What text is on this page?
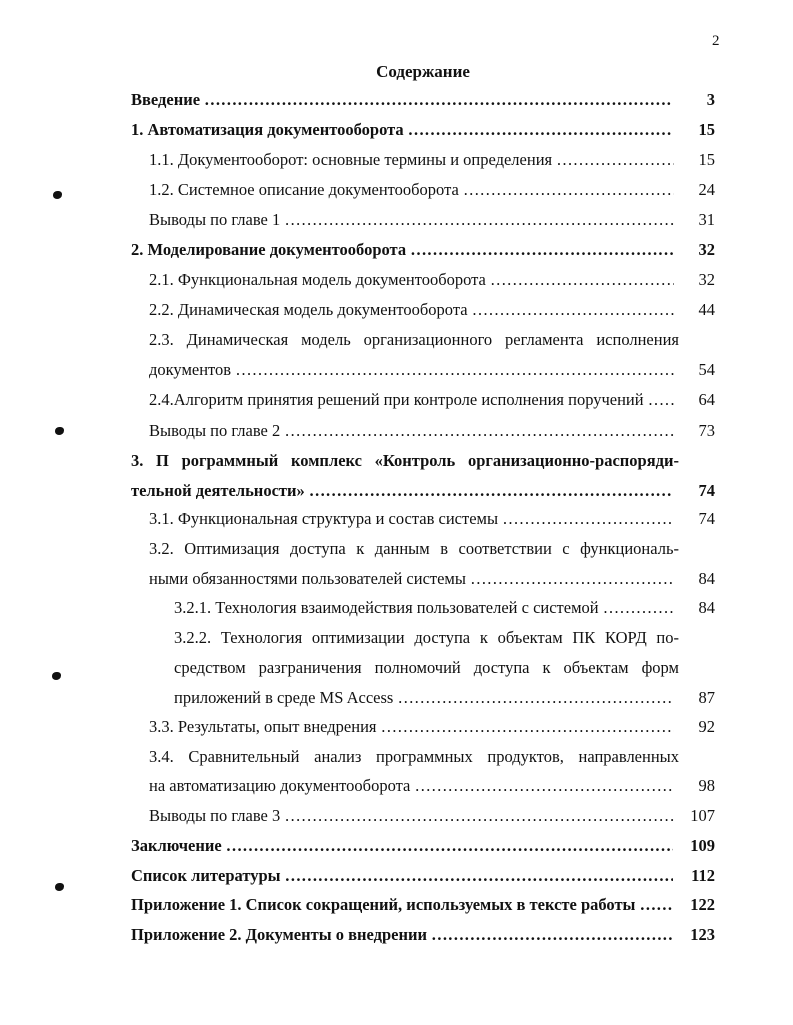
2
Содержание
Введение ……………………………………………………………………………………………………………………………………	3
1. Автоматизация документооборота ……………………………………………………………………………………………………………………………………	15
1.1. Документооборот: основные термины и определения ……………………………………………………………………………………………………………………………………	15
1.2. Системное описание документооборота ……………………………………………………………………………………………………………………………………	24
Выводы по главе 1 ……………………………………………………………………………………………………………………………………	31
2. Моделирование документооборота ……………………………………………………………………………………………………………………………………	32
2.1. Функциональная модель документооборота ……………………………………………………………………………………………………………………………………	32
2.2. Динамическая модель документооборота ……………………………………………………………………………………………………………………………………	44
2.3. Динамическая модель организационного регламента исполнения
документов ……………………………………………………………………………………………………………………………………	54
2.4.Алгоритм принятия решений при контроле исполнения поручений ……………………………………………………………………………………………………………………………………	64
Выводы по главе 2 ……………………………………………………………………………………………………………………………………	73
3. П рограммный комплекс «Контроль организационно-распоряди-
тельной деятельности» ……………………………………………………………………………………………………………………………………	74
3.1. Функциональная структура и состав системы ……………………………………………………………………………………………………………………………………	74
3.2. Оптимизация доступа к данным в соответствии с функциональ-
ными обязанностями пользователей системы ……………………………………………………………………………………………………………………………………	84
3.2.1. Технология взаимодействия пользователей с системой ……………………………………………………………………………………………………………………………………	84
3.2.2. Технология оптимизации доступа к объектам ПК КОРД по-
средством разграничения полномочий доступа к объектам форм
приложений в среде MS Access ……………………………………………………………………………………………………………………………………	87
3.3. Результаты, опыт внедрения ……………………………………………………………………………………………………………………………………	92
3.4. Сравнительный анализ программных продуктов, направленных
на автоматизацию документооборота ……………………………………………………………………………………………………………………………………	98
Выводы по главе 3 ……………………………………………………………………………………………………………………………………	107
Заключение ……………………………………………………………………………………………………………………………………	109
Список литературы ……………………………………………………………………………………………………………………………………	112
Приложение 1. Список сокращений, используемых в тексте работы ……………………………………………………………………………………………………………………………………	122
Приложение 2. Документы о внедрении ……………………………………………………………………………………………………………………………………	123
